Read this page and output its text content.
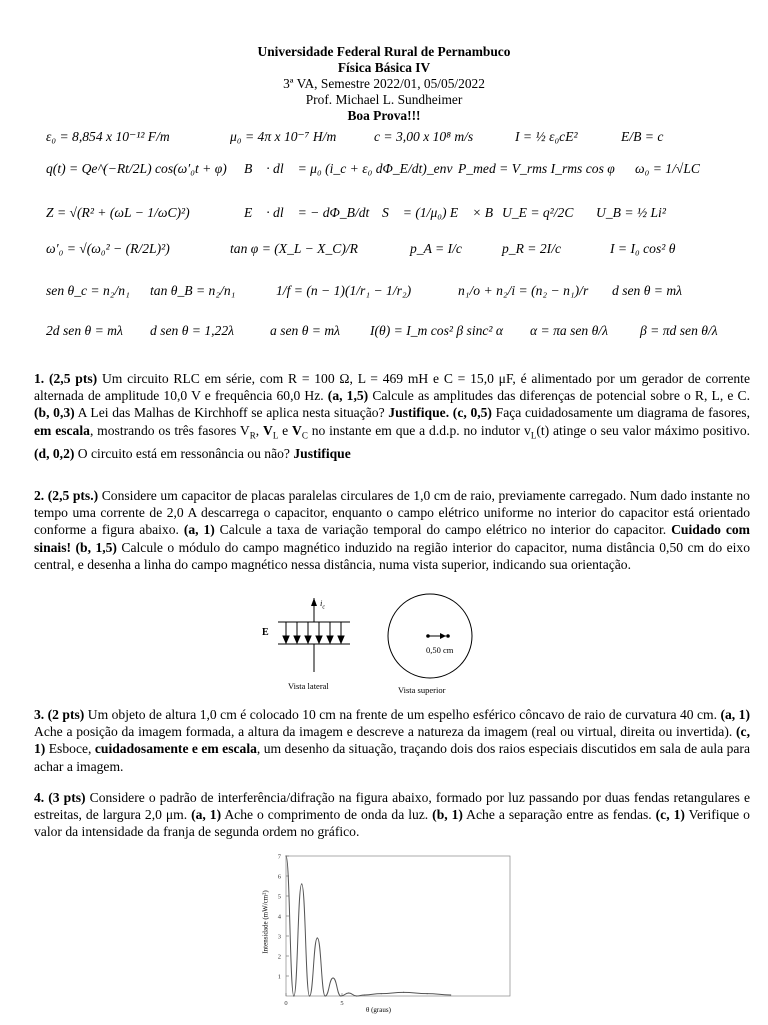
Universidade Federal Rural de Pernambuco
Física Básica IV
3ª VA, Semestre 2022/01, 05/05/2022
Prof. Michael L. Sundheimer
Boa Prova!!!
ε₀ = 8,854 x 10⁻¹² F/m	μ₀ = 4π x 10⁻⁷ H/m	c = 3,00 x 10⁸ m/s	I = ½ ε₀cE²	E/B = c
q(t) = Qe^(−Rt/2L) cos(ω′₀t + φ) ∮ B⃗ · dl⃗ = μ₀ (i_c + ε₀ dΦ_E/dt)_env P_med = V_rms I_rms cos φ ω₀ = 1/√LC
Z = √(R² + (ωL − 1/ωC)²)	∮ E⃗ · dl⃗ = − dΦ_B/dt S⃗ = (1/μ₀) E⃗ × B⃗
U_E = q²/2C U_B = ½ Li²
ω′₀ = √(ω₀² − (R/2L)²)	tan φ = (X_L − X_C)/R	p_A = I/c	p_R = 2I/c	I = I₀ cos² θ
sen θ_c = n₂/n₁ tan θ_B = n₂/n₁	1/f = (n − 1)(1/r₁ − 1/r₂)	n₁/o + n₂/i = (n₂ − n₁)/r d sen θ = mλ
2d sen θ = mλ d sen θ = 1,22λ	a sen θ = mλ I(θ) = I_m cos² β sinc² α α = πa sen θ/λ β = πd sen θ/λ
1. (2,5 pts) Um circuito RLC em série, com R = 100 Ω, L = 469 mH e C = 15,0 μF, é alimentado por um gerador de corrente alternada de amplitude 10,0 V e frequência 60,0 Hz. (a, 1,5) Calcule as amplitudes das diferenças de potencial sobre o R, L, e C. (b, 0,3) A Lei das Malhas de Kirchhoff se aplica nesta situação? Justifique. (c, 0,5) Faça cuidadosamente um diagrama de fasores, em escala, mostrando os três fasores $V_R$, $V_L$ e $V_C$ no instante em que a d.d.p. no indutor $v_L(t)$ atinge o seu valor máximo positivo. (d, 0,2) O circuito está em ressonância ou não? Justifique
2. (2,5 pts.) Considere um capacitor de placas paralelas circulares de 1,0 cm de raio, previamente carregado. Num dado instante no tempo uma corrente de 2,0 A descarrega o capacitor, enquanto o campo elétrico uniforme no interior do capacitor está orientado conforme a figura abaixo. (a, 1) Calcule a taxa de variação temporal do campo elétrico no interior do capacitor. Cuidado com sinais! (b, 1,5) Calcule o módulo do campo magnético induzido na região interior do capacitor, numa distância 0,50 cm do eixo central, e desenha a linha do campo magnético nessa distância, numa vista superior, indicando sua orientação.
E
$i_c$
0,50 cm
Vista lateral	Vista superior
3. (2 pts) Um objeto de altura 1,0 cm é colocado 10 cm na frente de um espelho esférico côncavo de raio de curvatura 40 cm. (a, 1) Ache a posição da imagem formada, a altura da imagem e descreve a natureza da imagem (real ou virtual, direita ou invertida). (c, 1) Esboce, cuidadosamente e em escala, um desenho da situação, traçando dois dos raios especiais discutidos em sala de aula para achar a imagem.
4. (3 pts) Considere o padrão de interferência/difração na figura abaixo, formado por luz passando por duas fendas retangulares e estreitas, de largura 2,0 μm. (a, 1) Ache o comprimento de onda da luz. (b, 1) Ache a separação entre as fendas. (c, 1) Verifique o valor da intensidade da franja de segunda ordem no gráfico.
1
2
3
4
5
6
7
0	5
Intensidade (mW/cm²)
θ (graus)
